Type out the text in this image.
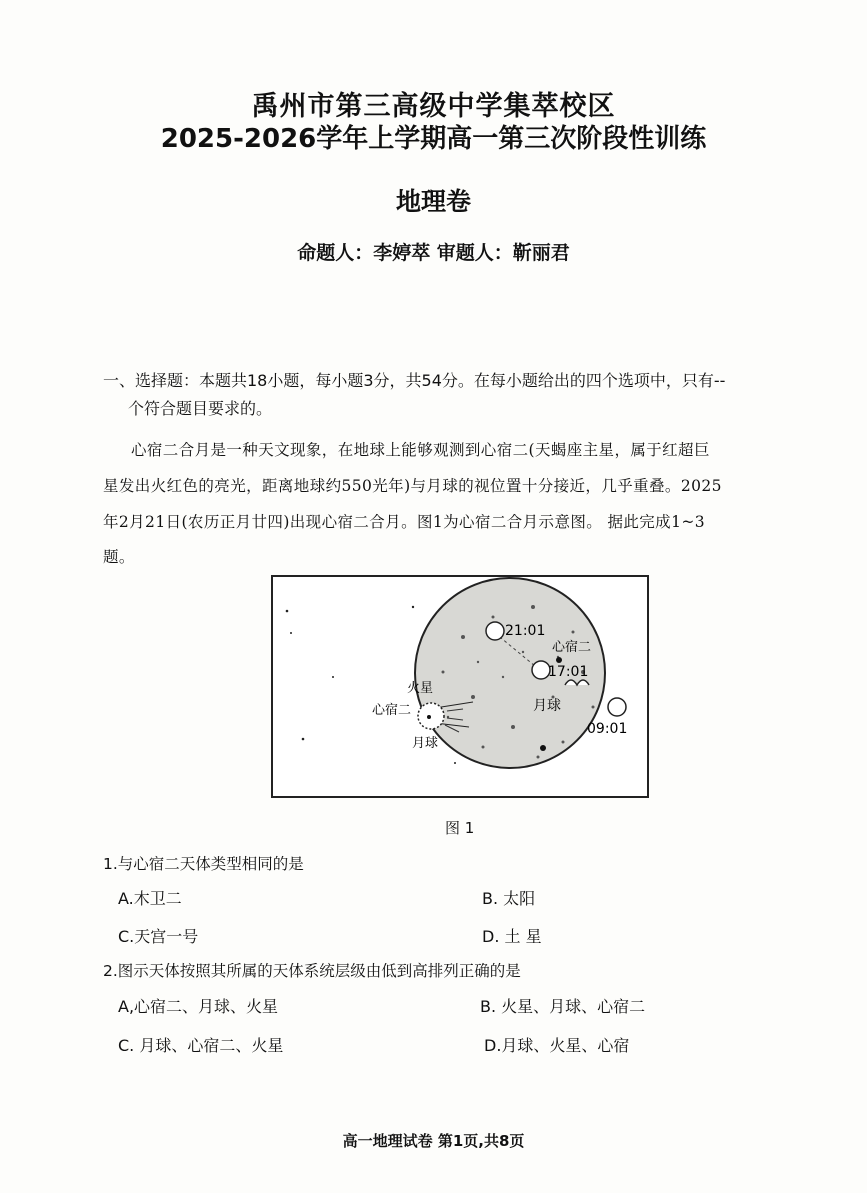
禹州市第三高级中学集萃校区
2025-2026学年上学期高一第三次阶段性训练
地理卷
命题人：李婷萃 审题人：靳丽君
一、选择题：本题共18小题，每小题3分，共54分。在每小题给出的四个选项中，只有--
个符合题目要求的。
心宿二合月是一种天文现象，在地球上能够观测到心宿二(天蝎座主星，属于红超巨
星发出火红色的亮光，距离地球约550光年)与月球的视位置十分接近，几乎重叠。2025
年2月21日(农历正月廿四)出现心宿二合月。图1为心宿二合月示意图。 据此完成1~3
题。
火星
心宿二
月球
21:01
心宿二
17:01
月球
09:01
图 1
1.与心宿二天体类型相同的是
A.木卫二	B. 太阳
C.天宫一号	D. 土 星
2.图示天体按照其所属的天体系统层级由低到高排列正确的是
A,心宿二、月球、火星	B. 火星、月球、心宿二
C. 月球、心宿二、火星	D.月球、火星、心宿
高一地理试卷 第1页,共8页
